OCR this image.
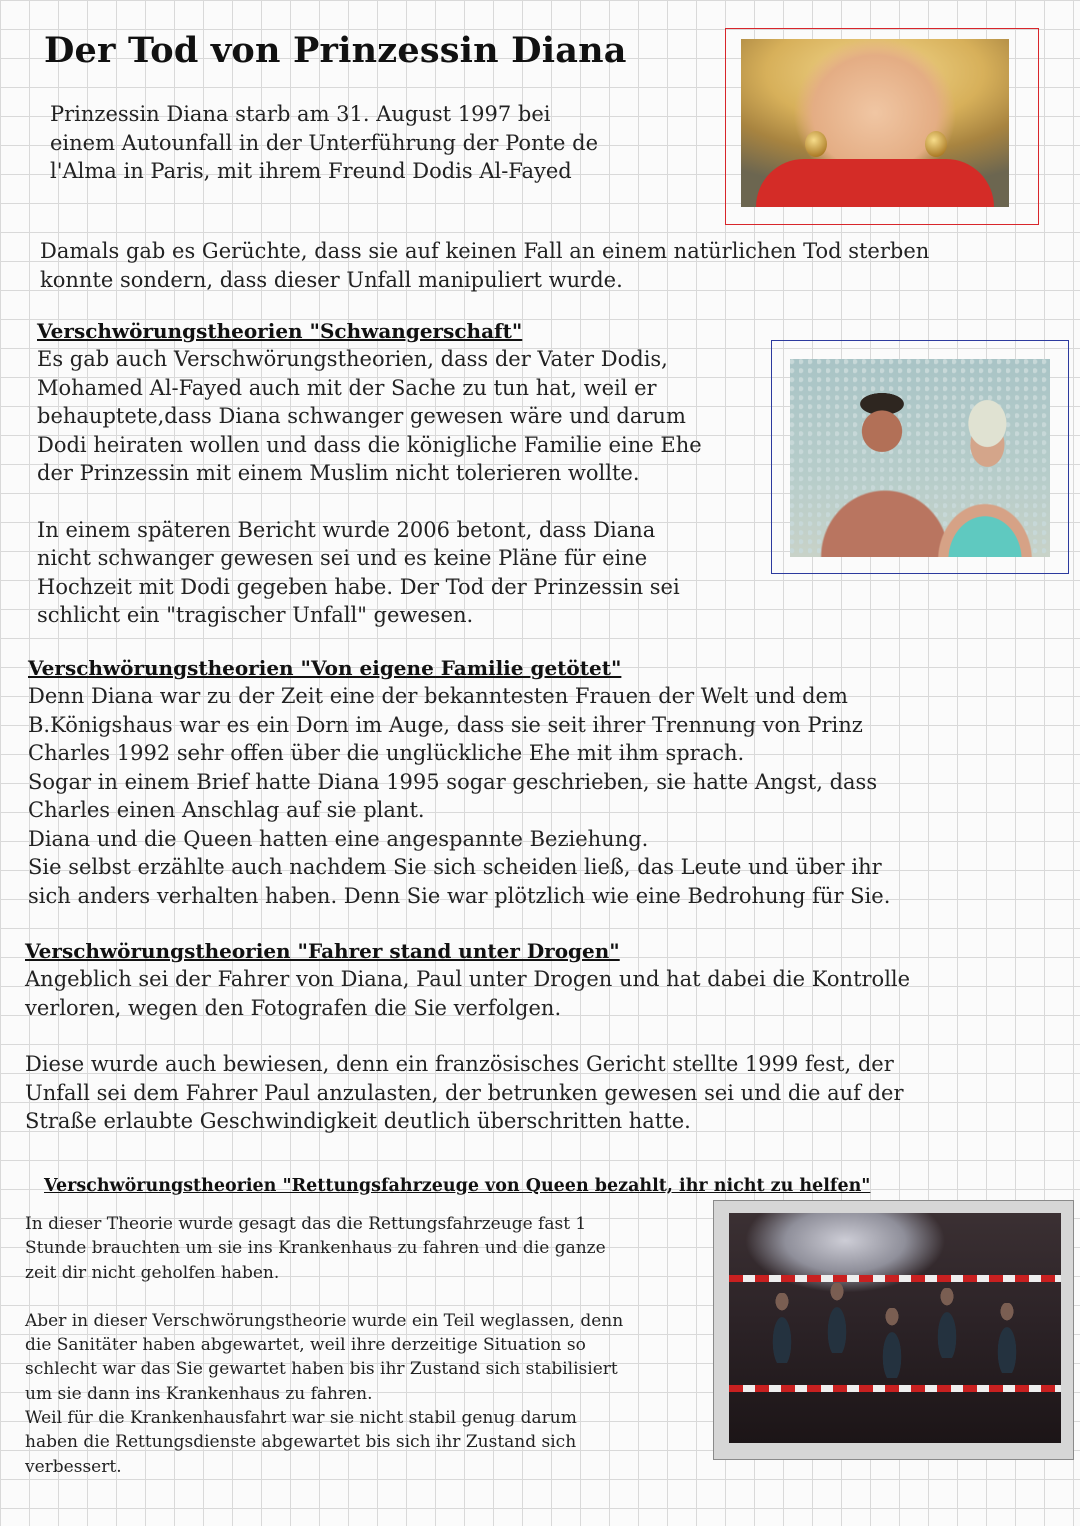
Der Tod von Prinzessin Diana
Prinzessin Diana starb am 31. August 1997 bei
einem Autounfall in der Unterführung der Ponte de
l'Alma in Paris, mit ihrem Freund Dodis Al-Fayed

Damals gab es Gerüchte, dass sie auf keinen Fall an einem natürlichen Tod sterben

konnte sondern, dass dieser Unfall manipuliert wurde.

Verschwörungstheorien "Schwangerschaft"

Es gab auch Verschwörungstheorien, dass der Vater Dodis,

Mohamed Al-Fayed auch mit der Sache zu tun hat, weil er

behauptete,dass Diana schwanger gewesen wäre und darum

Dodi heiraten wollen und dass die königliche Familie eine Ehe

der Prinzessin mit einem Muslim nicht tolerieren wollte.

In einem späteren Bericht wurde 2006 betont, dass Diana

nicht schwanger gewesen sei und es keine Pläne für eine

Hochzeit mit Dodi gegeben habe. Der Tod der Prinzessin sei

schlicht ein "tragischer Unfall" gewesen.

Verschwörungstheorien "Von eigene Familie getötet"

Denn Diana war zu der Zeit eine der bekanntesten Frauen der Welt und dem

B.Königshaus war es ein Dorn im Auge, dass sie seit ihrer Trennung von Prinz

Charles 1992 sehr offen über die unglückliche Ehe mit ihm sprach.

Sogar in einem Brief hatte Diana 1995 sogar geschrieben, sie hatte Angst, dass

Charles einen Anschlag auf sie plant.

Diana und die Queen hatten eine angespannte Beziehung.

Sie selbst erzählte auch nachdem Sie sich scheiden ließ, das Leute und über ihr

sich anders verhalten haben. Denn Sie war plötzlich wie eine Bedrohung für Sie.

Verschwörungstheorien "Fahrer stand unter Drogen"

Angeblich sei der Fahrer von Diana, Paul unter Drogen und hat dabei die Kontrolle

verloren, wegen den Fotografen die Sie verfolgen.

Diese wurde auch bewiesen, denn ein französisches Gericht stellte 1999 fest, der

Unfall sei dem Fahrer Paul anzulasten, der betrunken gewesen sei und die auf der

Straße erlaubte Geschwindigkeit deutlich überschritten hatte.

Verschwörungstheorien "Rettungsfahrzeuge von Queen bezahlt, ihr nicht zu helfen"

In dieser Theorie wurde gesagt das die Rettungsfahrzeuge fast 1

Stunde brauchten um sie ins Krankenhaus zu fahren und die ganze

zeit dir nicht geholfen haben.

Aber in dieser Verschwörungstheorie wurde ein Teil weglassen, denn

die Sanitäter haben abgewartet, weil ihre derzeitige Situation so

schlecht war das Sie gewartet haben bis ihr Zustand sich stabilisiert

um sie dann ins Krankenhaus zu fahren.

Weil für die Krankenhausfahrt war sie nicht stabil genug darum

haben die Rettungsdienste abgewartet bis sich ihr Zustand sich

verbessert.
